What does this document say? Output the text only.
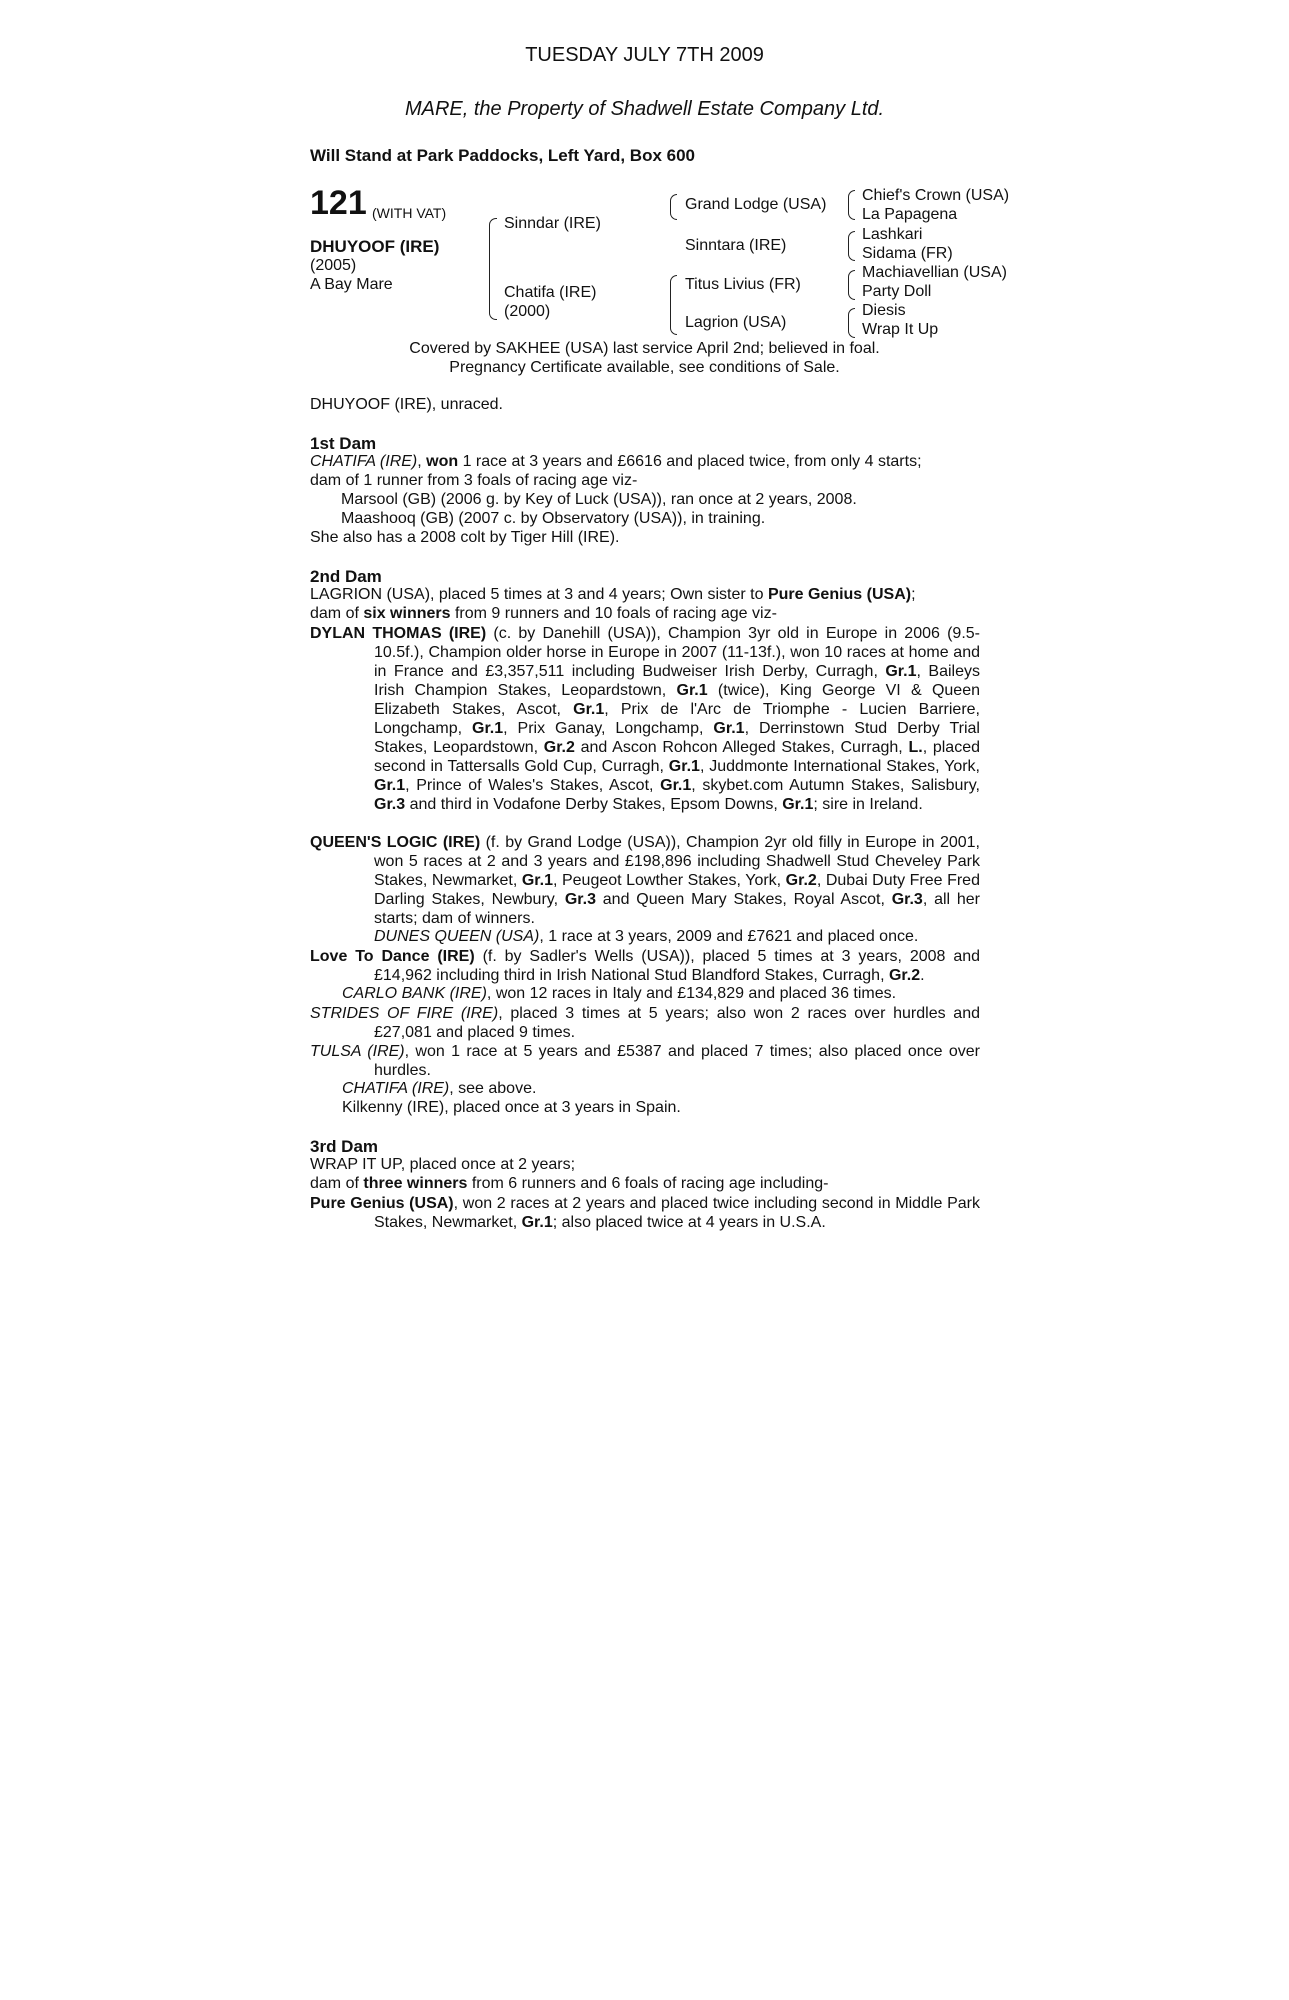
TUESDAY JULY 7TH 2009
MARE, the Property of Shadwell Estate Company Ltd.
Will Stand at Park Paddocks, Left Yard, Box 600
121 (WITH VAT)
DHUYOOF (IRE)
(2005)
A Bay Mare
Sinndar (IRE)
Chatifa (IRE)
(2000)
Grand Lodge (USA)
Sinntara (IRE)
Titus Livius (FR)
Lagrion (USA)
Chief's Crown (USA)
La Papagena
Lashkari
Sidama (FR)
Machiavellian (USA)
Party Doll
Diesis
Wrap It Up
Covered by SAKHEE (USA) last service April 2nd; believed in foal.
Pregnancy Certificate available, see conditions of Sale.
DHUYOOF (IRE), unraced.
1st Dam
CHATIFA (IRE), won 1 race at 3 years and £6616 and placed twice, from only 4 starts;
dam of 1 runner from 3 foals of racing age viz-
Marsool (GB) (2006 g. by Key of Luck (USA)), ran once at 2 years, 2008.
Maashooq (GB) (2007 c. by Observatory (USA)), in training.
She also has a 2008 colt by Tiger Hill (IRE).
2nd Dam
LAGRION (USA), placed 5 times at 3 and 4 years; Own sister to Pure Genius (USA);
dam of six winners from 9 runners and 10 foals of racing age viz-
DYLAN THOMAS (IRE) (c. by Danehill (USA)), Champion 3yr old in Europe in 2006 (9.5-10.5f.), Champion older horse in Europe in 2007 (11-13f.), won 10 races at home and in France and £3,357,511 including Budweiser Irish Derby, Curragh, Gr.1, Baileys Irish Champion Stakes, Leopardstown, Gr.1 (twice), King George VI & Queen Elizabeth Stakes, Ascot, Gr.1, Prix de l'Arc de Triomphe - Lucien Barriere, Longchamp, Gr.1, Prix Ganay, Longchamp, Gr.1, Derrinstown Stud Derby Trial Stakes, Leopardstown, Gr.2 and Ascon Rohcon Alleged Stakes, Curragh, L., placed second in Tattersalls Gold Cup, Curragh, Gr.1, Juddmonte International Stakes, York, Gr.1, Prince of Wales's Stakes, Ascot, Gr.1, skybet.com Autumn Stakes, Salisbury, Gr.3 and third in Vodafone Derby Stakes, Epsom Downs, Gr.1; sire in Ireland.
QUEEN'S LOGIC (IRE) (f. by Grand Lodge (USA)), Champion 2yr old filly in Europe in 2001, won 5 races at 2 and 3 years and £198,896 including Shadwell Stud Cheveley Park Stakes, Newmarket, Gr.1, Peugeot Lowther Stakes, York, Gr.2, Dubai Duty Free Fred Darling Stakes, Newbury, Gr.3 and Queen Mary Stakes, Royal Ascot, Gr.3, all her starts; dam of winners.
DUNES QUEEN (USA), 1 race at 3 years, 2009 and £7621 and placed once.
Love To Dance (IRE) (f. by Sadler's Wells (USA)), placed 5 times at 3 years, 2008 and £14,962 including third in Irish National Stud Blandford Stakes, Curragh, Gr.2.
CARLO BANK (IRE), won 12 races in Italy and £134,829 and placed 36 times.
STRIDES OF FIRE (IRE), placed 3 times at 5 years; also won 2 races over hurdles and £27,081 and placed 9 times.
TULSA (IRE), won 1 race at 5 years and £5387 and placed 7 times; also placed once over hurdles.
CHATIFA (IRE), see above.
Kilkenny (IRE), placed once at 3 years in Spain.
3rd Dam
WRAP IT UP, placed once at 2 years;
dam of three winners from 6 runners and 6 foals of racing age including-
Pure Genius (USA), won 2 races at 2 years and placed twice including second in Middle Park Stakes, Newmarket, Gr.1; also placed twice at 4 years in U.S.A.
